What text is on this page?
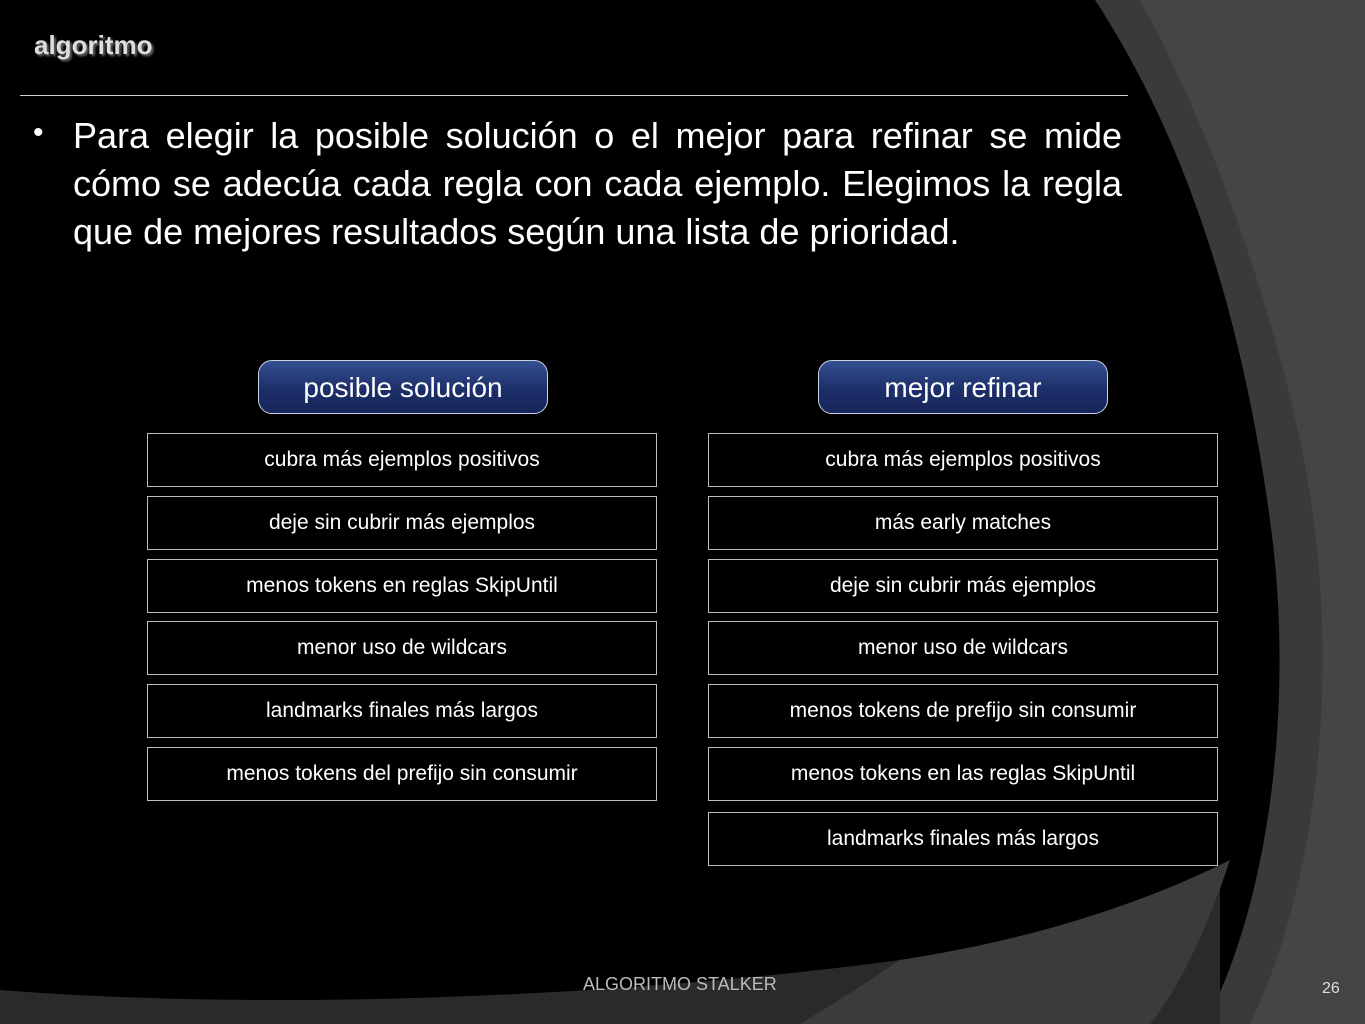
algoritmo
• Para elegir la posible solución o el mejor para refinar se mide cómo se adecúa cada regla con cada ejemplo. Elegimos la regla que de mejores resultados según una lista de prioridad.
posible solución	mejor refinar
cubra más ejemplos positivos
deje sin cubrir más ejemplos
menos tokens en reglas SkipUntil
menor uso de wildcars
landmarks finales más largos
menos tokens del prefijo sin consumir
cubra más ejemplos positivos
más early matches
deje sin cubrir más ejemplos
menor uso de wildcars
menos tokens de prefijo sin consumir
menos tokens en las reglas SkipUntil
landmarks finales más largos
ALGORITMO STALKER	26
